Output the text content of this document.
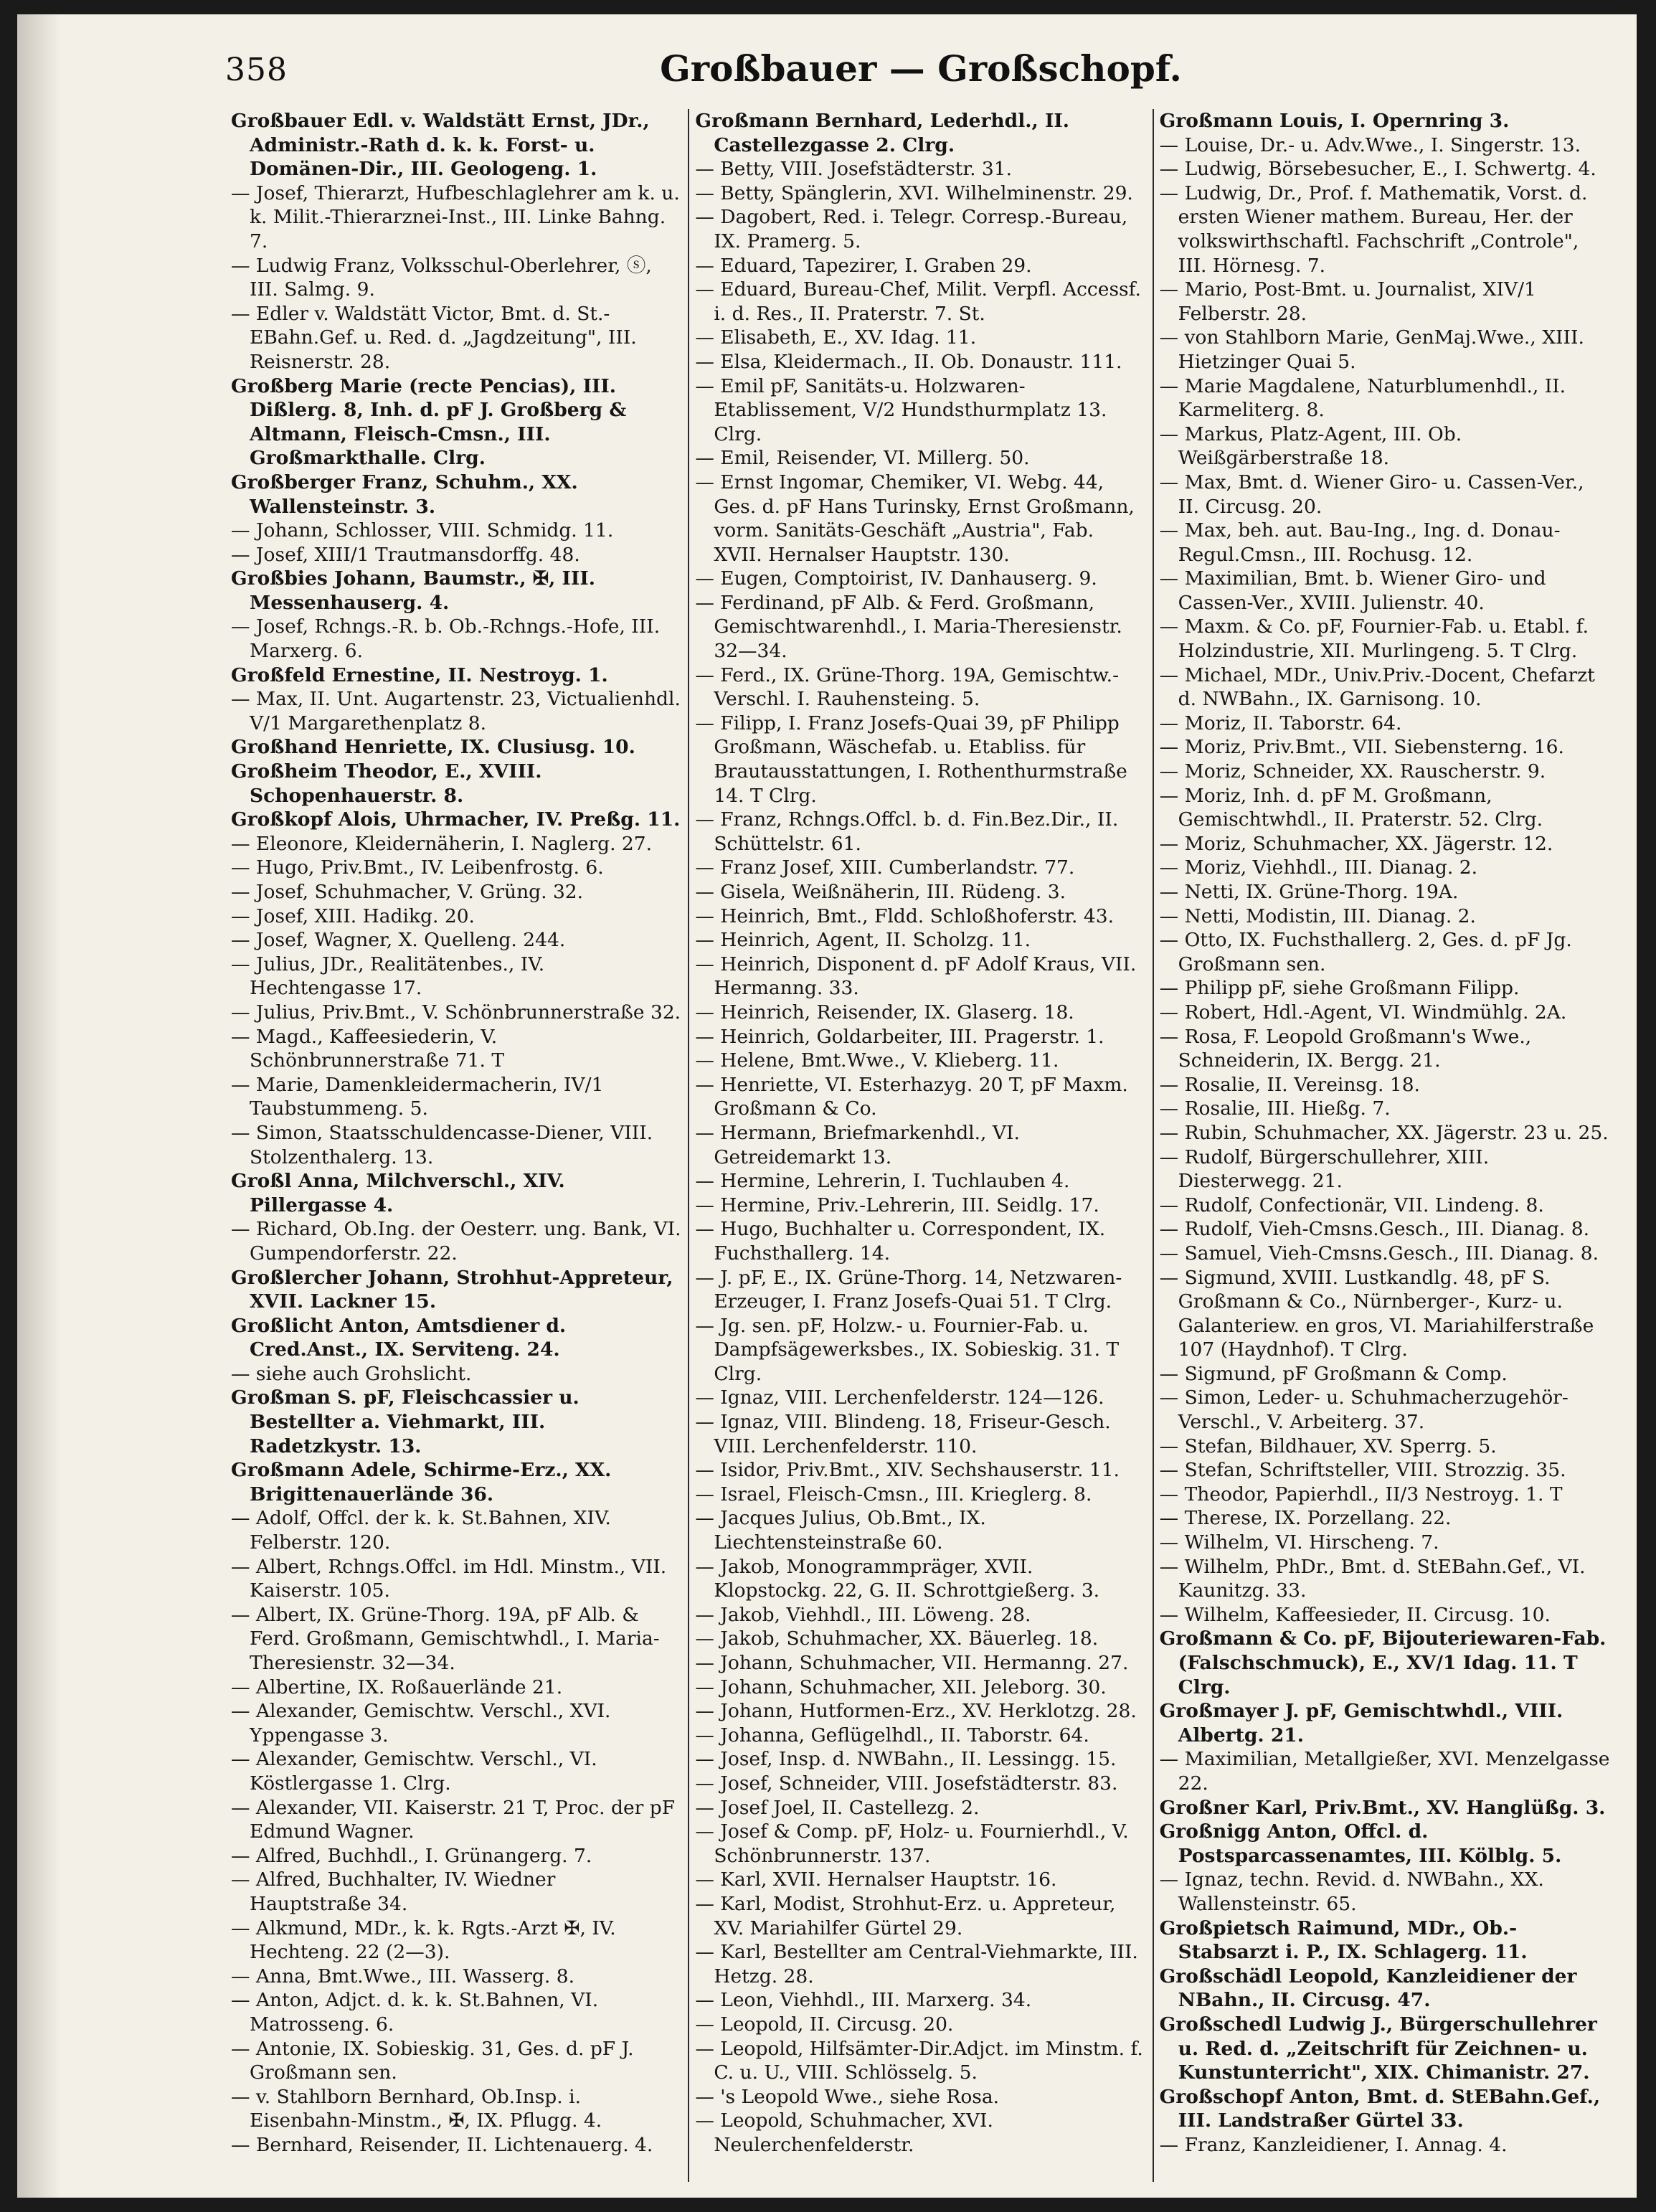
358	Großbauer — Großschopf.

Großbauer Edl. v. Waldstätt Ernst, JDr., Administr.-Rath d. k. k. Forst- u. Domänen-Dir., III. Geologeng. 1.

— Josef, Thierarzt, Hufbeschlaglehrer am k. u. k. Milit.-Thierarznei-Inst., III. Linke Bahng. 7.

— Ludwig Franz, Volksschul-Oberlehrer, ⓢ, III. Salmg. 9.

— Edler v. Waldstätt Victor, Bmt. d. St.-EBahn.Gef. u. Red. d. „Jagdzeitung", III. Reisnerstr. 28.

Großberg Marie (recte Pencias), III. Dißlerg. 8, Inh. d. pF J. Großberg & Altmann, Fleisch-Cmsn., III. Großmarkthalle. Clrg.

Großberger Franz, Schuhm., XX. Wallensteinstr. 3.

— Johann, Schlosser, VIII. Schmidg. 11.

— Josef, XIII/1 Trautmansdorffg. 48.

Großbies Johann, Baumstr., ✠, III. Messenhauserg. 4.

— Josef, Rchngs.-R. b. Ob.-Rchngs.-Hofe, III. Marxerg. 6.

Großfeld Ernestine, II. Nestroyg. 1.

— Max, II. Unt. Augartenstr. 23, Victualienhdl. V/1 Margarethenplatz 8.

Großhand Henriette, IX. Clusiusg. 10.

Großheim Theodor, E., XVIII. Schopenhauerstr. 8.

Großkopf Alois, Uhrmacher, IV. Preßg. 11.

— Eleonore, Kleidernäherin, I. Naglerg. 27.

— Hugo, Priv.Bmt., IV. Leibenfrostg. 6.

— Josef, Schuhmacher, V. Grüng. 32.

— Josef, XIII. Hadikg. 20.

— Josef, Wagner, X. Quelleng. 244.

— Julius, JDr., Realitätenbes., IV. Hechtengasse 17.

— Julius, Priv.Bmt., V. Schönbrunnerstraße 32.

— Magd., Kaffeesiederin, V. Schönbrunnerstraße 71. T

— Marie, Damenkleidermacherin, IV/1 Taubstummeng. 5.

— Simon, Staatsschuldencasse-Diener, VIII. Stolzenthalerg. 13.

Großl Anna, Milchverschl., XIV. Pillergasse 4.

— Richard, Ob.Ing. der Oesterr. ung. Bank, VI. Gumpendorferstr. 22.

Großlercher Johann, Strohhut-Appreteur, XVII. Lackner 15.

Großlicht Anton, Amtsdiener d. Cred.Anst., IX. Serviteng. 24.

— siehe auch Grohslicht.

Großman S. pF, Fleischcassier u. Bestellter a. Viehmarkt, III. Radetzkystr. 13.

Großmann Adele, Schirme-Erz., XX. Brigittenauerlände 36.

— Adolf, Offcl. der k. k. St.Bahnen, XIV. Felberstr. 120.

— Albert, Rchngs.Offcl. im Hdl. Minstm., VII. Kaiserstr. 105.

— Albert, IX. Grüne-Thorg. 19A, pF Alb. & Ferd. Großmann, Gemischtwhdl., I. Maria-Theresienstr. 32—34.

— Albertine, IX. Roßauerlände 21.

— Alexander, Gemischtw. Verschl., XVI. Yppengasse 3.

— Alexander, Gemischtw. Verschl., VI. Köstlergasse 1. Clrg.

— Alexander, VII. Kaiserstr. 21 T, Proc. der pF Edmund Wagner.

— Alfred, Buchhdl., I. Grünangerg. 7.

— Alfred, Buchhalter, IV. Wiedner Hauptstraße 34.

— Alkmund, MDr., k. k. Rgts.-Arzt ✠, IV. Hechteng. 22 (2—3).

— Anna, Bmt.Wwe., III. Wasserg. 8.

— Anton, Adjct. d. k. k. St.Bahnen, VI. Matrosseng. 6.

— Antonie, IX. Sobieskig. 31, Ges. d. pF J. Großmann sen.

— v. Stahlborn Bernhard, Ob.Insp. i. Eisenbahn-Minstm., ✠, IX. Pflugg. 4.

— Bernhard, Reisender, II. Lichtenauerg. 4.

Großmann Bernhard, Lederhdl., II. Castellezgasse 2. Clrg.

— Betty, VIII. Josefstädterstr. 31.

— Betty, Spänglerin, XVI. Wilhelminenstr. 29.

— Dagobert, Red. i. Telegr. Corresp.-Bureau, IX. Pramerg. 5.

— Eduard, Tapezirer, I. Graben 29.

— Eduard, Bureau-Chef, Milit. Verpfl. Accessf. i. d. Res., II. Praterstr. 7. St.

— Elisabeth, E., XV. Idag. 11.

— Elsa, Kleidermach., II. Ob. Donaustr. 111.

— Emil pF, Sanitäts-u. Holzwaren-Etablissement, V/2 Hundsthurmplatz 13. Clrg.

— Emil, Reisender, VI. Millerg. 50.

— Ernst Ingomar, Chemiker, VI. Webg. 44, Ges. d. pF Hans Turinsky, Ernst Großmann, vorm. Sanitäts-Geschäft „Austria", Fab. XVII. Hernalser Hauptstr. 130.

— Eugen, Comptoirist, IV. Danhauserg. 9.

— Ferdinand, pF Alb. & Ferd. Großmann, Gemischtwarenhdl., I. Maria-Theresienstr. 32—34.

— Ferd., IX. Grüne-Thorg. 19A, Gemischtw.-Verschl. I. Rauhensteing. 5.

— Filipp, I. Franz Josefs-Quai 39, pF Philipp Großmann, Wäschefab. u. Etabliss. für Brautausstattungen, I. Rothenthurmstraße 14. T Clrg.

— Franz, Rchngs.Offcl. b. d. Fin.Bez.Dir., II. Schüttelstr. 61.

— Franz Josef, XIII. Cumberlandstr. 77.

— Gisela, Weißnäherin, III. Rüdeng. 3.

— Heinrich, Bmt., Fldd. Schloßhoferstr. 43.

— Heinrich, Agent, II. Scholzg. 11.

— Heinrich, Disponent d. pF Adolf Kraus, VII. Hermanng. 33.

— Heinrich, Reisender, IX. Glaserg. 18.

— Heinrich, Goldarbeiter, III. Pragerstr. 1.

— Helene, Bmt.Wwe., V. Klieberg. 11.

— Henriette, VI. Esterhazyg. 20 T, pF Maxm. Großmann & Co.

— Hermann, Briefmarkenhdl., VI. Getreidemarkt 13.

— Hermine, Lehrerin, I. Tuchlauben 4.

— Hermine, Priv.-Lehrerin, III. Seidlg. 17.

— Hugo, Buchhalter u. Correspondent, IX. Fuchsthallerg. 14.

— J. pF, E., IX. Grüne-Thorg. 14, Netzwaren-Erzeuger, I. Franz Josefs-Quai 51. T Clrg.

— Jg. sen. pF, Holzw.- u. Fournier-Fab. u. Dampfsägewerksbes., IX. Sobieskig. 31. T Clrg.

— Ignaz, VIII. Lerchenfelderstr. 124—126.

— Ignaz, VIII. Blindeng. 18, Friseur-Gesch. VIII. Lerchenfelderstr. 110.

— Isidor, Priv.Bmt., XIV. Sechshauserstr. 11.

— Israel, Fleisch-Cmsn., III. Krieglerg. 8.

— Jacques Julius, Ob.Bmt., IX. Liechtensteinstraße 60.

— Jakob, Monogrammpräger, XVII. Klopstockg. 22, G. II. Schrottgießerg. 3.

— Jakob, Viehhdl., III. Löweng. 28.

— Jakob, Schuhmacher, XX. Bäuerleg. 18.

— Johann, Schuhmacher, VII. Hermanng. 27.

— Johann, Schuhmacher, XII. Jeleborg. 30.

— Johann, Hutformen-Erz., XV. Herklotzg. 28.

— Johanna, Geflügelhdl., II. Taborstr. 64.

— Josef, Insp. d. NWBahn., II. Lessingg. 15.

— Josef, Schneider, VIII. Josefstädterstr. 83.

— Josef Joel, II. Castellezg. 2.

— Josef & Comp. pF, Holz- u. Fournierhdl., V. Schönbrunnerstr. 137.

— Karl, XVII. Hernalser Hauptstr. 16.

— Karl, Modist, Strohhut-Erz. u. Appreteur, XV. Mariahilfer Gürtel 29.

— Karl, Bestellter am Central-Viehmarkte, III. Hetzg. 28.

— Leon, Viehhdl., III. Marxerg. 34.

— Leopold, II. Circusg. 20.

— Leopold, Hilfsämter-Dir.Adjct. im Minstm. f. C. u. U., VIII. Schlösselg. 5.

— 's Leopold Wwe., siehe Rosa.

— Leopold, Schuhmacher, XVI. Neulerchenfelderstr.

Großmann Louis, I. Opernring 3.

— Louise, Dr.- u. Adv.Wwe., I. Singerstr. 13.

— Ludwig, Börsebesucher, E., I. Schwertg. 4.

— Ludwig, Dr., Prof. f. Mathematik, Vorst. d. ersten Wiener mathem. Bureau, Her. der volkswirthschaftl. Fachschrift „Controle", III. Hörnesg. 7.

— Mario, Post-Bmt. u. Journalist, XIV/1 Felberstr. 28.

— von Stahlborn Marie, GenMaj.Wwe., XIII. Hietzinger Quai 5.

— Marie Magdalene, Naturblumenhdl., II. Karmeliterg. 8.

— Markus, Platz-Agent, III. Ob. Weißgärberstraße 18.

— Max, Bmt. d. Wiener Giro- u. Cassen-Ver., II. Circusg. 20.

— Max, beh. aut. Bau-Ing., Ing. d. Donau-Regul.Cmsn., III. Rochusg. 12.

— Maximilian, Bmt. b. Wiener Giro- und Cassen-Ver., XVIII. Julienstr. 40.

— Maxm. & Co. pF, Fournier-Fab. u. Etabl. f. Holzindustrie, XII. Murlingeng. 5. T Clrg.

— Michael, MDr., Univ.Priv.-Docent, Chefarzt d. NWBahn., IX. Garnisong. 10.

— Moriz, II. Taborstr. 64.

— Moriz, Priv.Bmt., VII. Siebensterng. 16.

— Moriz, Schneider, XX. Rauscherstr. 9.

— Moriz, Inh. d. pF M. Großmann, Gemischtwhdl., II. Praterstr. 52. Clrg.

— Moriz, Schuhmacher, XX. Jägerstr. 12.

— Moriz, Viehhdl., III. Dianag. 2.

— Netti, IX. Grüne-Thorg. 19A.

— Netti, Modistin, III. Dianag. 2.

— Otto, IX. Fuchsthallerg. 2, Ges. d. pF Jg. Großmann sen.

— Philipp pF, siehe Großmann Filipp.

— Robert, Hdl.-Agent, VI. Windmühlg. 2A.

— Rosa, F. Leopold Großmann's Wwe., Schneiderin, IX. Bergg. 21.

— Rosalie, II. Vereinsg. 18.

— Rosalie, III. Hießg. 7.

— Rubin, Schuhmacher, XX. Jägerstr. 23 u. 25.

— Rudolf, Bürgerschullehrer, XIII. Diesterwegg. 21.

— Rudolf, Confectionär, VII. Lindeng. 8.

— Rudolf, Vieh-Cmsns.Gesch., III. Dianag. 8.

— Samuel, Vieh-Cmsns.Gesch., III. Dianag. 8.

— Sigmund, XVIII. Lustkandlg. 48, pF S. Großmann & Co., Nürnberger-, Kurz- u. Galanteriew. en gros, VI. Mariahilferstraße 107 (Haydnhof). T Clrg.

— Sigmund, pF Großmann & Comp.

— Simon, Leder- u. Schuhmacherzugehör-Verschl., V. Arbeiterg. 37.

— Stefan, Bildhauer, XV. Sperrg. 5.

— Stefan, Schriftsteller, VIII. Strozzig. 35.

— Theodor, Papierhdl., II/3 Nestroyg. 1. T

— Therese, IX. Porzellang. 22.

— Wilhelm, VI. Hirscheng. 7.

— Wilhelm, PhDr., Bmt. d. StEBahn.Gef., VI. Kaunitzg. 33.

— Wilhelm, Kaffeesieder, II. Circusg. 10.

Großmann & Co. pF, Bijouteriewaren-Fab. (Falschschmuck), E., XV/1 Idag. 11. T Clrg.

Großmayer J. pF, Gemischtwhdl., VIII. Albertg. 21.

— Maximilian, Metallgießer, XVI. Menzelgasse 22.

Großner Karl, Priv.Bmt., XV. Hanglüßg. 3.

Großnigg Anton, Offcl. d. Postsparcassenamtes, III. Kölblg. 5.

— Ignaz, techn. Revid. d. NWBahn., XX. Wallensteinstr. 65.

Großpietsch Raimund, MDr., Ob.-Stabsarzt i. P., IX. Schlagerg. 11.

Großschädl Leopold, Kanzleidiener der NBahn., II. Circusg. 47.

Großschedl Ludwig J., Bürgerschullehrer u. Red. d. „Zeitschrift für Zeichnen- u. Kunstunterricht", XIX. Chimanistr. 27.

Großschopf Anton, Bmt. d. StEBahn.Gef., III. Landstraßer Gürtel 33.

— Franz, Kanzleidiener, I. Annag. 4.
